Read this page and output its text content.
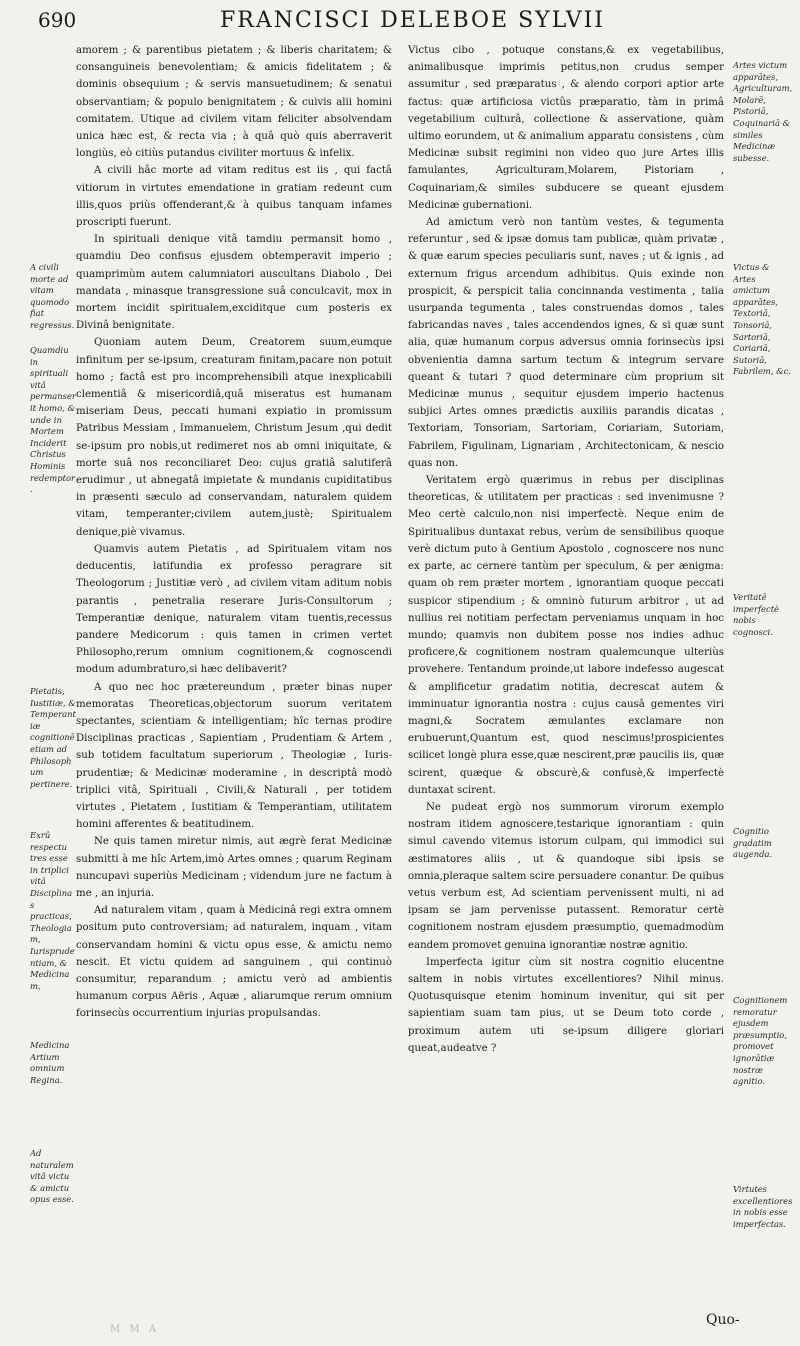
690	FRANCISCI DELEBOE SYLVII

amorem ; & parentibus pietatem ; & liberis charitatem; & consanguineis benevolentiam; & amicis fidelitatem ; & dominis obsequium ; & servis mansuetudinem; & senatui observantiam; & populo benignitatem ; & cuivis alii homini comitatem. Utique ad civilem vitam feliciter absolvendam unica hæc est, & recta via ; à quâ quò quis aberraverit longiùs, eò citiùs putandus civiliter mortuus & infelix.

A civili hâc morte ad vitam reditus est iis , qui factâ vitiorum in virtutes emendatione in gratiam redeunt cum illis,quos priùs offenderant,& à quibus tanquam infames proscripti fuerunt.

In spirituali denique vitâ tamdiu permansit homo , quamdiu Deo confisus ejusdem obtemperavit imperio ; quamprimùm autem calumniatori auscultans Diabolo , Dei mandata , minasque transgressione suâ conculcavit, mox in mortem incidit spiritualem,exciditque cum posteris ex Divinâ benignitate.

Quoniam autem Deum, Creatorem suum,eumque infinitum per se-ipsum, creaturam finitam,pacare non potuit homo ; factâ est pro incomprehensibili atque inexplicabili clementiâ & misericordiâ,quâ miseratus est humanam miseriam Deus, peccati humani expiatio in promissum Patribus Messiam , Immanuelem, Christum Jesum ,qui dedit se-ipsum pro nobis,ut redimeret nos ab omni iniquitate, & morte suâ nos reconciliaret Deo: cujus gratiâ salutiferâ erudimur , ut abnegatâ impietate & mundanis cupiditatibus in præsenti sæculo ad conservandam, naturalem quidem vitam, temperanter;civilem autem,justè; Spiritualem denique,piè vivamus.

Quamvis autem Pietatis , ad Spiritualem vitam nos deducentis, latifundia ex professo peragrare sit Theologorum ; Justitiæ verò , ad civilem vitam aditum nobis parantis , penetralia reserare Juris-Consultorum ; Temperantiæ denique, naturalem vitam tuentis,recessus pandere Medicorum : quis tamen in crimen vertet Philosopho,rerum omnium cognitionem,& cognoscendi modum adumbraturo,si hæc delibaverit?

A quo nec hoc prætereundum , præter binas nuper memoratas Theoreticas,objectorum suorum veritatem spectantes, scientiam & intelligentiam; hîc ternas prodire Disciplinas practicas , Sapientiam , Prudentiam & Artem , sub totidem facultatum superiorum , Theologiæ , Iuris-prudentiæ; & Medicinæ moderamine , in descriptâ modò triplici vitâ, Spirituali , Civili,& Naturali , per totidem virtutes , Pietatem , Iustitiam & Temperantiam, utilitatem homini afferentes & beatitudinem.

Ne quis tamen miretur nimis, aut ægrè ferat Medicinæ submitti à me hîc Artem,imò Artes omnes ; quarum Reginam nuncupavi superiùs Medicinam ; videndum jure ne factum à me , an injuria.

Ad naturalem vitam , quam à Medicinâ regi extra omnem positum puto controversiam; ad naturalem, inquam , vitam conservandam homini & victu opus esse, & amictu nemo nescit. Et victu quidem ad sanguinem , qui continuò consumitur, reparandum ; amictu verò ad ambientis humanum corpus Aëris , Aquæ , aliarumque rerum omnium forinsecùs occurrentium injurias propulsandas.

Victus cibo , potuque constans,& ex vegetabilibus, animalibusque imprimis petitus,non crudus semper assumitur , sed præparatus , & alendo corpori aptior arte factus: quæ artificiosa victûs præparatio, tàm in primâ vegetabilium culturâ, collectione & asservatione, quàm ultimo eorundem, ut & animalium apparatu consistens , cùm Medicinæ subsit regimini non video quo jure Artes illis famulantes, Agriculturam,Molarem, Pistoriam , Coquinariam,& similes subducere se queant ejusdem Medicinæ gubernationi.

Ad amictum verò non tantùm vestes, & tegumenta referuntur , sed & ipsæ domus tam publicæ, quàm privatæ , & quæ earum species peculiaris sunt, naves ; ut & ignis , ad externum frigus arcendum adhibitus. Quis exinde non prospicit, & perspicit talia concinnanda vestimenta , talia usurpanda tegumenta , tales construendas domos , tales fabricandas naves , tales accendendos ignes, & si quæ sunt alia, quæ humanum corpus adversus omnia forinsecùs ipsi obvenientia damna sartum tectum & integrum servare queant & tutari ? quod determinare cùm proprium sit Medicinæ munus , sequitur ejusdem imperio hactenus subjici Artes omnes prædictis auxiliis parandis dicatas , Textoriam, Tonsoriam, Sartoriam, Coriariam, Sutoriam, Fabrilem, Figulinam, Lignariam , Architectonicam, & nescio quas non.

Veritatem ergò quærimus in rebus per disciplinas theoreticas, & utilitatem per practicas : sed invenimusne ? Meo certè calculo,non nisi imperfectè. Neque enim de Spiritualibus duntaxat rebus, verùm de sensibilibus quoque verè dictum puto à Gentium Apostolo , cognoscere nos nunc ex parte, ac cernere tantùm per speculum, & per ænigma: quam ob rem præter mortem , ignorantiam quoque peccati suspicor stipendium ; & omninò futurum arbitror , ut ad nullius rei notitiam perfectam perveniamus unquam in hoc mundo; quamvis non dubitem posse nos indies adhuc proficere,& cognitionem nostram qualemcunque ulteriùs provehere. Tentandum proinde,ut labore indefesso augescat & amplificetur gradatim notitia, decrescat autem & imminuatur ignorantia nostra : cujus causâ gementes viri magni,& Socratem æmulantes exclamare non erubuerunt,Quantum est, quod nescimus!prospicientes scilicet longè plura esse,quæ nescirent,præ paucilis iis, quæ scirent, quæque & obscurè,& confusè,& imperfectè duntaxat scirent.

Ne pudeat ergò nos summorum virorum exemplo nostram itidem agnoscere,testarique ignorantiam : quin simul cavendo vitemus istorum culpam, qui immodici sui æstimatores aliis , ut & quandoque sibi ipsis se omnia,pleraque saltem scire persuadere conantur. De quibus vetus verbum est, Ad scientiam pervenissent multi, ni ad ipsam se jam pervenisse putassent. Remoratur certè cognitionem nostram ejusdem præsumptio, quemadmodùm eandem promovet genuina ignorantiæ nostræ agnitio.

Imperfecta igitur cùm sit nostra cognitio elucentne saltem in nobis virtutes excellentiores? Nihil minus. Quotusquisque etenim hominum invenitur, qui sit per sapientiam suam tam pius, ut se Deum toto corde , proximum autem uti se-ipsum diligere gloriari queat,audeatve ?

A civili morte ad vitam quomodo fiat regressus.
Quamdiu in spirituali vitâ permanserit homo, & unde in Mortem Inciderit Christus Hominis redemptor.
Pietatis, Iustitiæ, & Temperantiæ cognitionē etiam ad Philosophum pertinere.
Exrû respectu tres esse in triplici vitâ Disciplinas practicas, Theologiam, Iurisprudentiam, & Medicinam.
Medicina Artium omnium Regina.
Ad naturalem vitâ victu & amictu opus esse.
Artes victum apparātes, Agriculturam, Molarē, Pistoriā, Coquinariā & similes Medicinæ subesse.
Victus & Artes amictum apparātes, Textoriā, Tonsoriā, Sartoriā, Coriariā, Sutoriā, Fabrilem, &c.
Veritatē imperfectè nobis cognosci.
Cognitio gradatim augenda.
Cognitionem remoratur ejusdem præsumptio, promovet ignorātiæ nostræ agnitio.
Virtutes excellentiores in nobis esse imperfectas.
Quo-
M M A
